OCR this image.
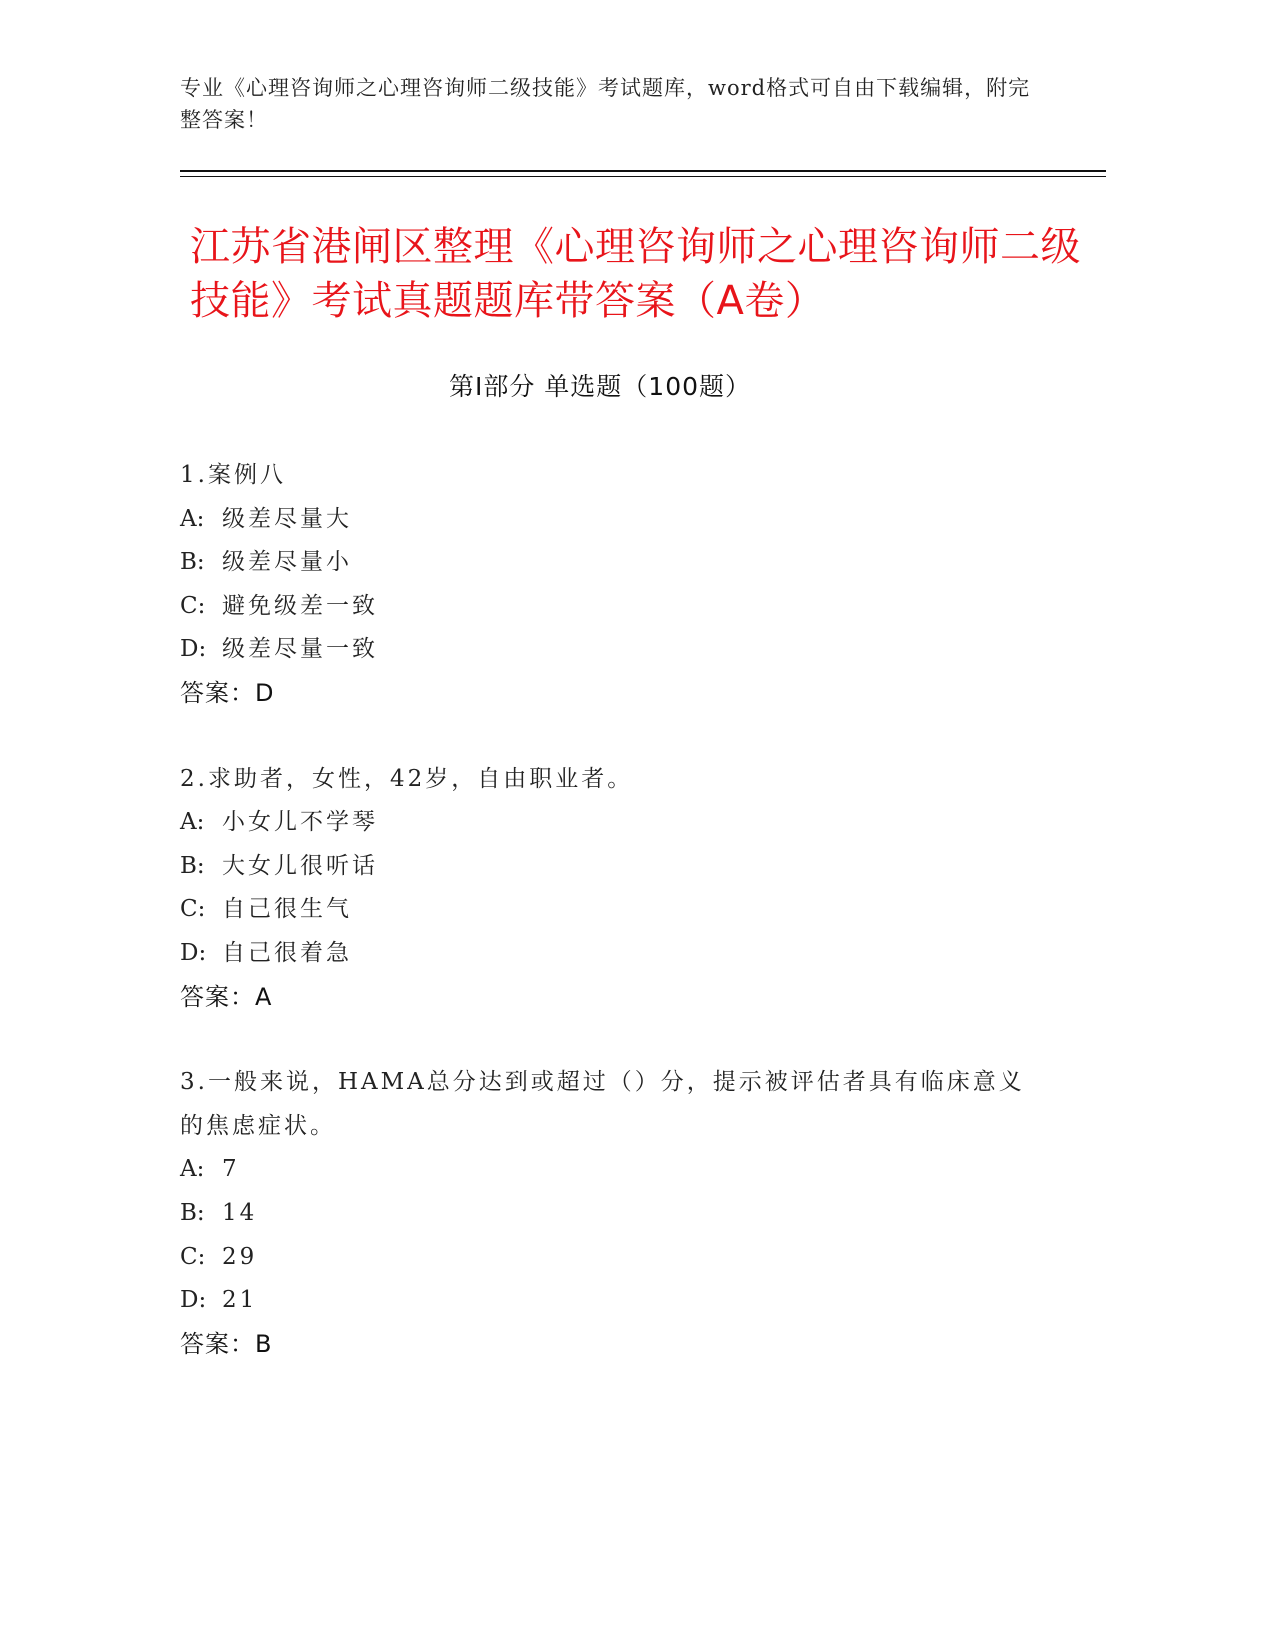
专业《心理咨询师之心理咨询师二级技能》考试题库，word格式可自由下载编辑，附完整答案！
江苏省港闸区整理《心理咨询师之心理咨询师二级技能》考试真题题库带答案（A卷）
第I部分 单选题（100题）
1.案例八
A: 级差尽量大
B: 级差尽量小
C: 避免级差一致
D: 级差尽量一致
答案：D
2.求助者，女性，42岁，自由职业者。
A: 小女儿不学琴
B: 大女儿很听话
C: 自己很生气
D: 自己很着急
答案：A
3.一般来说，HAMA总分达到或超过（）分，提示被评估者具有临床意义的焦虑症状。
A: 7
B: 14
C: 29
D: 21
答案：B
